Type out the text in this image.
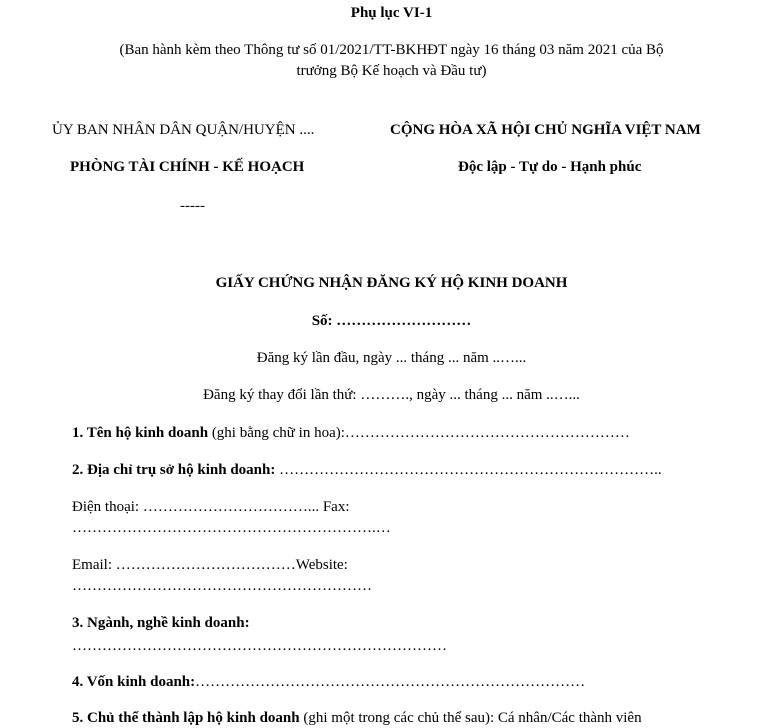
Phụ lục VI-1
(Ban hành kèm theo Thông tư số 01/2021/TT-BKHĐT ngày 16 tháng 03 năm 2021 của Bộ
trưởng Bộ Kế hoạch và Đầu tư)
ỦY BAN NHÂN DÂN QUẬN/HUYỆN ....
PHÒNG TÀI CHÍNH - KẾ HOẠCH
-----
CỘNG HÒA XÃ HỘI CHỦ NGHĨA VIỆT NAM
Độc lập - Tự do - Hạnh phúc
GIẤY CHỨNG NHẬN ĐĂNG KÝ HỘ KINH DOANH
Số: ………………………
Đăng ký lần đầu, ngày ... tháng ... năm ..…...
Đăng ký thay đổi lần thứ: ………., ngày ... tháng ... năm ..…...
1. Tên hộ kinh doanh (ghi bằng chữ in hoa):…………………………………………………
2. Địa chỉ trụ sở hộ kinh doanh: …………………………………………………………………..
Điện thoại: ……………………………... Fax:
…………………………………………………….…
Email: ………………………………Website:
……………………………………………………
3. Ngành, nghề kinh doanh:
…………………………………………………………………
4. Vốn kinh doanh:……………………………………………………………………
5. Chủ thể thành lập hộ kinh doanh (ghi một trong các chủ thể sau): Cá nhân/Các thành viên
